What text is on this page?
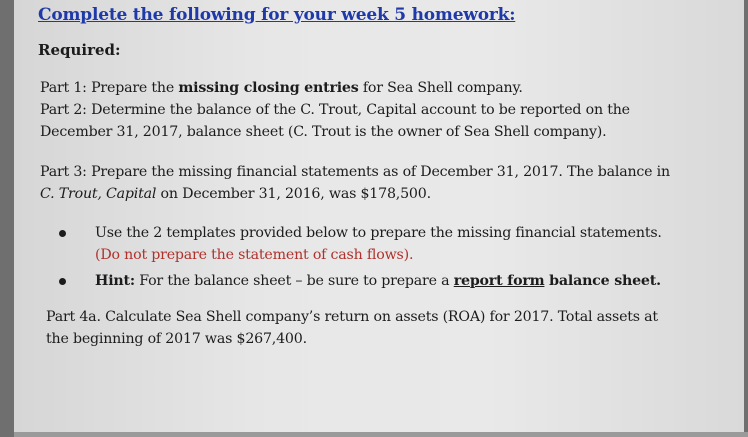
Complete the following for your week 5 homework:
Required:
Part 1: Prepare the missing closing entries for Sea Shell company.
Part 2: Determine the balance of the C. Trout, Capital account to be reported on the
December 31, 2017, balance sheet (C. Trout is the owner of Sea Shell company).
Part 3: Prepare the missing financial statements as of December 31, 2017. The balance in
C. Trout, Capital on December 31, 2016, was $178,500.
Use the 2 templates provided below to prepare the missing financial statements.
(Do not prepare the statement of cash flows).
Hint: For the balance sheet – be sure to prepare a report form balance sheet.
Part 4a. Calculate Sea Shell company’s return on assets (ROA) for 2017. Total assets at
the beginning of 2017 was $267,400.
